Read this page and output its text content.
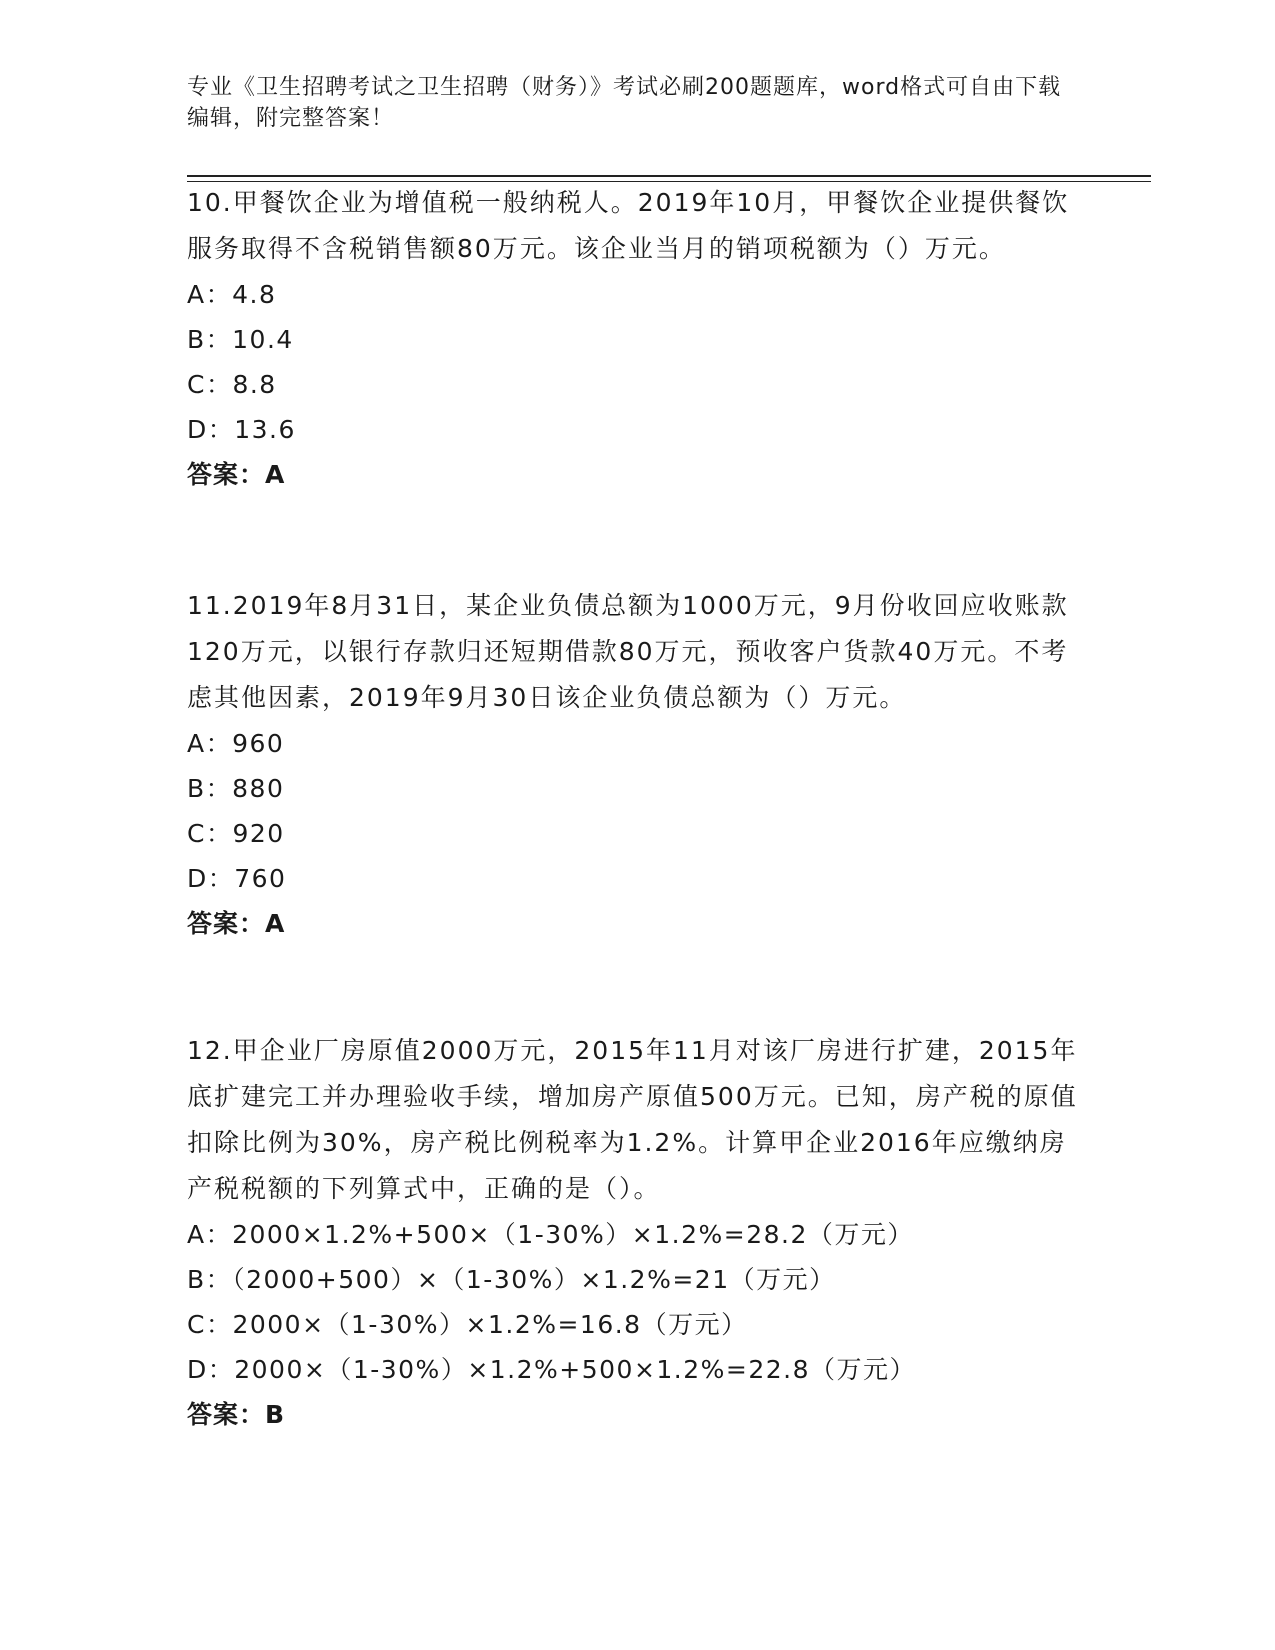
专业《卫生招聘考试之卫生招聘（财务）》考试必刷200题题库，word格式可自由下载编辑，附完整答案！

10.甲餐饮企业为增值税一般纳税人。2019年10月，甲餐饮企业提供餐饮服务取得不含税销售额80万元。该企业当月的销项税额为（）万元。

A：4.8

B：10.4

C：8.8

D：13.6

答案：A

11.2019年8月31日，某企业负债总额为1000万元，9月份收回应收账款120万元，以银行存款归还短期借款80万元，预收客户货款40万元。不考虑其他因素，2019年9月30日该企业负债总额为（）万元。

A：960

B：880

C：920

D：760

答案：A

12.甲企业厂房原值2000万元，2015年11月对该厂房进行扩建，2015年底扩建完工并办理验收手续，增加房产原值500万元。已知，房产税的原值扣除比例为30%，房产税比例税率为1.2%。计算甲企业2016年应缴纳房产税税额的下列算式中，正确的是（）。

A：2000×1.2%+500×（1-30%）×1.2%=28.2（万元）

B：（2000+500）×（1-30%）×1.2%=21（万元）

C：2000×（1-30%）×1.2%=16.8（万元）

D：2000×（1-30%）×1.2%+500×1.2%=22.8（万元）

答案：B
